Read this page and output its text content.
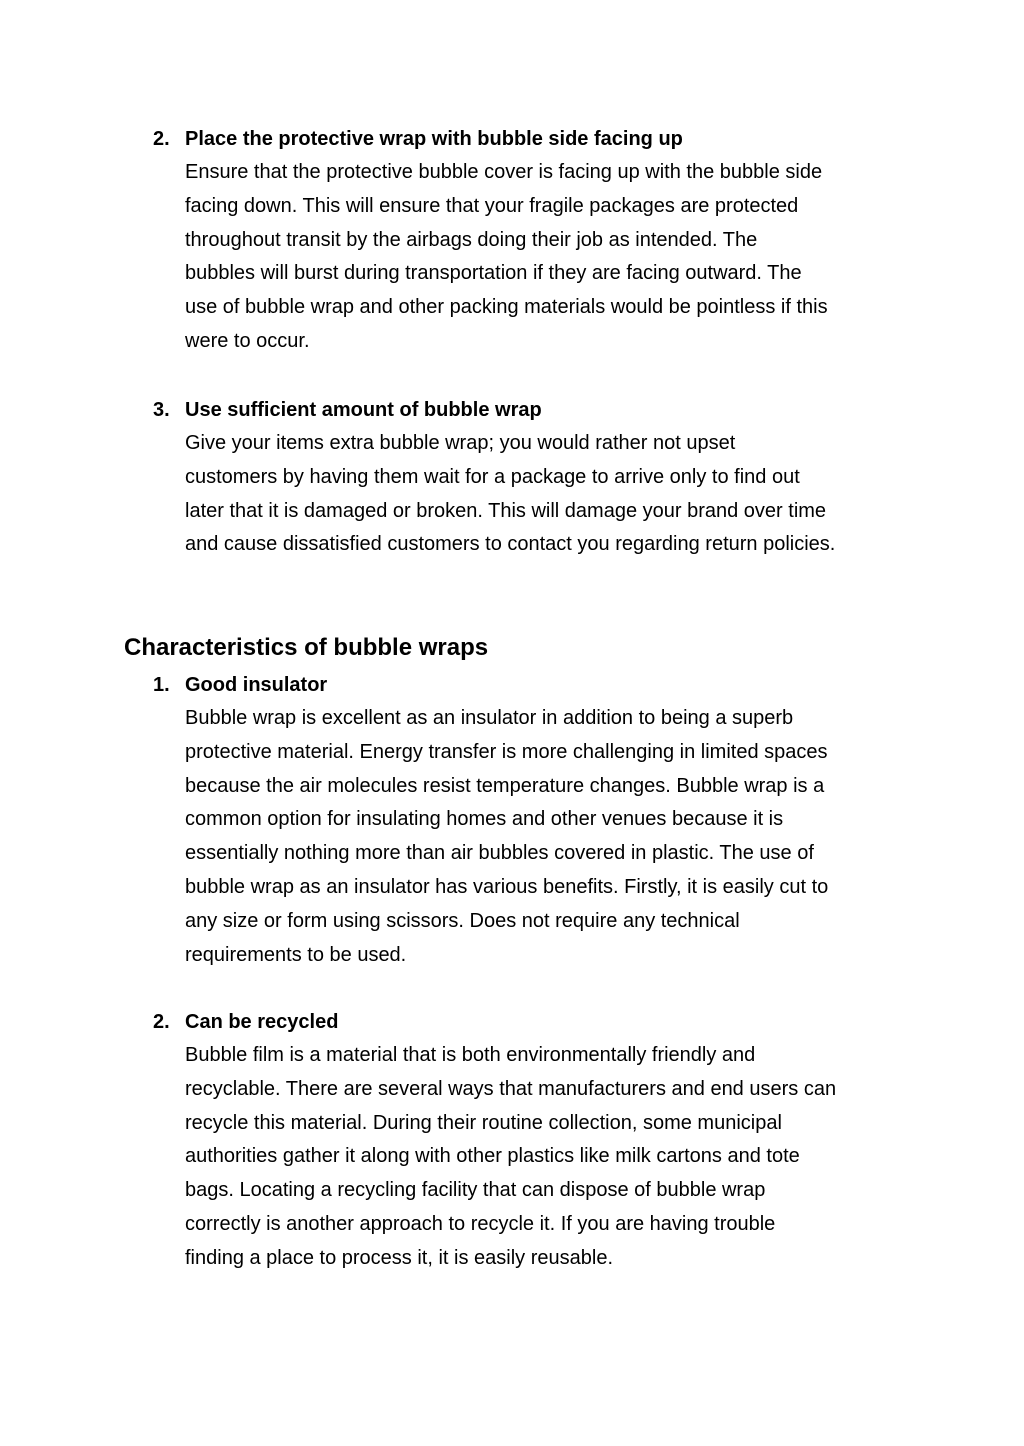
2. Place the protective wrap with bubble side facing up
Ensure that the protective bubble cover is facing up with the bubble side
facing down. This will ensure that your fragile packages are protected
throughout transit by the airbags doing their job as intended. The
bubbles will burst during transportation if they are facing outward. The
use of bubble wrap and other packing materials would be pointless if this
were to occur.
3. Use sufficient amount of bubble wrap
Give your items extra bubble wrap; you would rather not upset
customers by having them wait for a package to arrive only to find out
later that it is damaged or broken. This will damage your brand over time
and cause dissatisfied customers to contact you regarding return policies.
Characteristics of bubble wraps
1. Good insulator
Bubble wrap is excellent as an insulator in addition to being a superb
protective material. Energy transfer is more challenging in limited spaces
because the air molecules resist temperature changes. Bubble wrap is a
common option for insulating homes and other venues because it is
essentially nothing more than air bubbles covered in plastic. The use of
bubble wrap as an insulator has various benefits. Firstly, it is easily cut to
any size or form using scissors. Does not require any technical
requirements to be used.
2. Can be recycled
Bubble film is a material that is both environmentally friendly and
recyclable. There are several ways that manufacturers and end users can
recycle this material. During their routine collection, some municipal
authorities gather it along with other plastics like milk cartons and tote
bags. Locating a recycling facility that can dispose of bubble wrap
correctly is another approach to recycle it. If you are having trouble
finding a place to process it, it is easily reusable.
